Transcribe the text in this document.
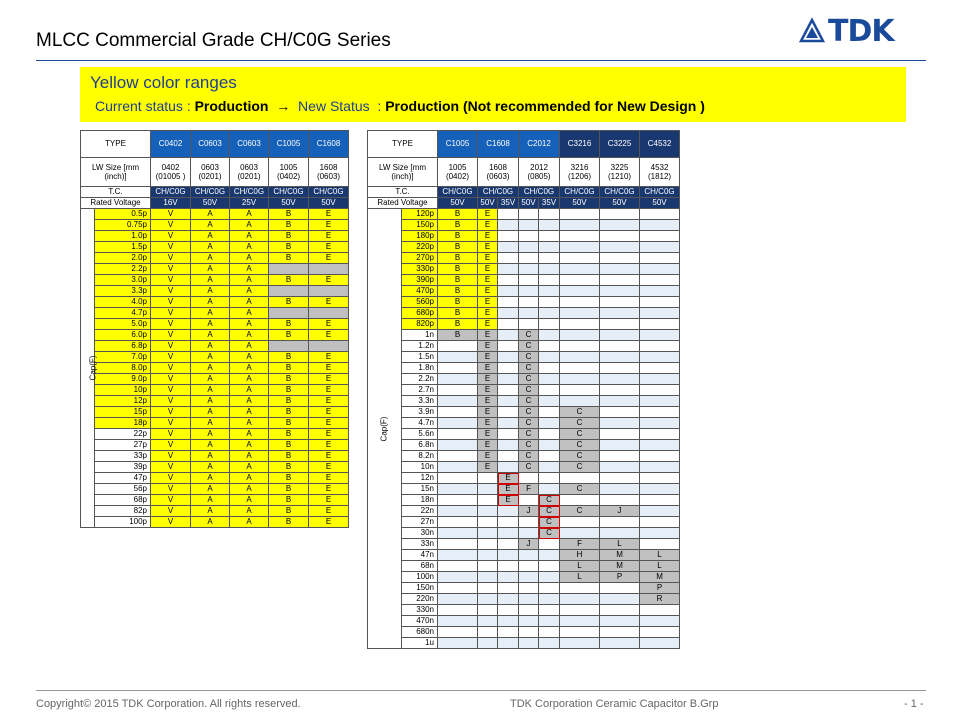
MLCC Commercial Grade CH/C0G Series	TDK
Yellow color ranges
Current status : Production → New Status  : Production (Not recommended for New Design )
TYPE		C0402	C0603	C0603	C1005	C1608
LW Size [mm (inch)]		0402 (01005 )	0603 (0201)	0603 (0201)	1005 (0402)	1608 (0603)
T.C.		CH/C0G	CH/C0G	CH/C0G	CH/C0G	CH/C0G
Rated Voltage		16V	50V	25V	50V	50V
Cap(F)	0.5p	V	A	A	B	E
	0.75p	V	A	A	B	E
	1.0p	V	A	A	B	E
	1.5p	V	A	A	B	E
	2.0p	V	A	A	B	E
	2.2p	V	A	A		
	3.0p	V	A	A	B	E
	3.3p	V	A	A		
	4.0p	V	A	A	B	E
	4.7p	V	A	A		
	5.0p	V	A	A	B	E
	6.0p	V	A	A	B	E
	6.8p	V	A	A		
	7.0p	V	A	A	B	E
	8.0p	V	A	A	B	E
	9.0p	V	A	A	B	E
	10p	V	A	A	B	E
	12p	V	A	A	B	E
	15p	V	A	A	B	E
	18p	V	A	A	B	E
	22p	V	A	A	B	E
	27p	V	A	A	B	E
	33p	V	A	A	B	E
	39p	V	A	A	B	E
	47p	V	A	A	B	E
	56p	V	A	A	B	E
	68p	V	A	A	B	E
	82p	V	A	A	B	E
	100p	V	A	A	B	E
TYPE		C1005	C1608		C2012		C3216	C3225	C4532
LW Size [mm (inch)]		1005 (0402)	1608 (0603)		2012 (0805)		3216 (1206)	3225 (1210)	4532 (1812)
T.C.		CH/C0G	CH/C0G		CH/C0G		CH/C0G	CH/C0G	CH/C0G
Rated Voltage		50V	50V	35V	50V	35V	50V	50V	50V
Cap(F)	120p	B	E						
	150p	B	E						
	180p	B	E						
	220p	B	E						
	270p	B	E						
	330p	B	E						
	390p	B	E						
	470p	B	E						
	560p	B	E						
	680p	B	E						
	820p	B	E						
	1n	B	E		C				
	1.2n		E		C				
	1.5n		E		C				
	1.8n		E		C				
	2.2n		E		C				
	2.7n		E		C				
	3.3n		E		C				
	3.9n		E		C		C		
	4.7n		E		C		C		
	5.6n		E		C		C		
	6.8n		E		C		C		
	8.2n		E		C		C		
	10n		E		C		C		
	12n			E					
	15n			E	F		C		
	18n			E		C			
	22n				J	C	C	J	
	27n					C			
	30n					C			
	33n				J		F	L	
	47n						H	M	L
	68n						L	M	L
	100n						L	P	M
	150n								P
	220n								R
	330n								
	470n								
	680n								
	1u								
Copyright© 2015 TDK Corporation. All rights reserved.	TDK Corporation Ceramic Capacitor B.Grp	- 1 -
